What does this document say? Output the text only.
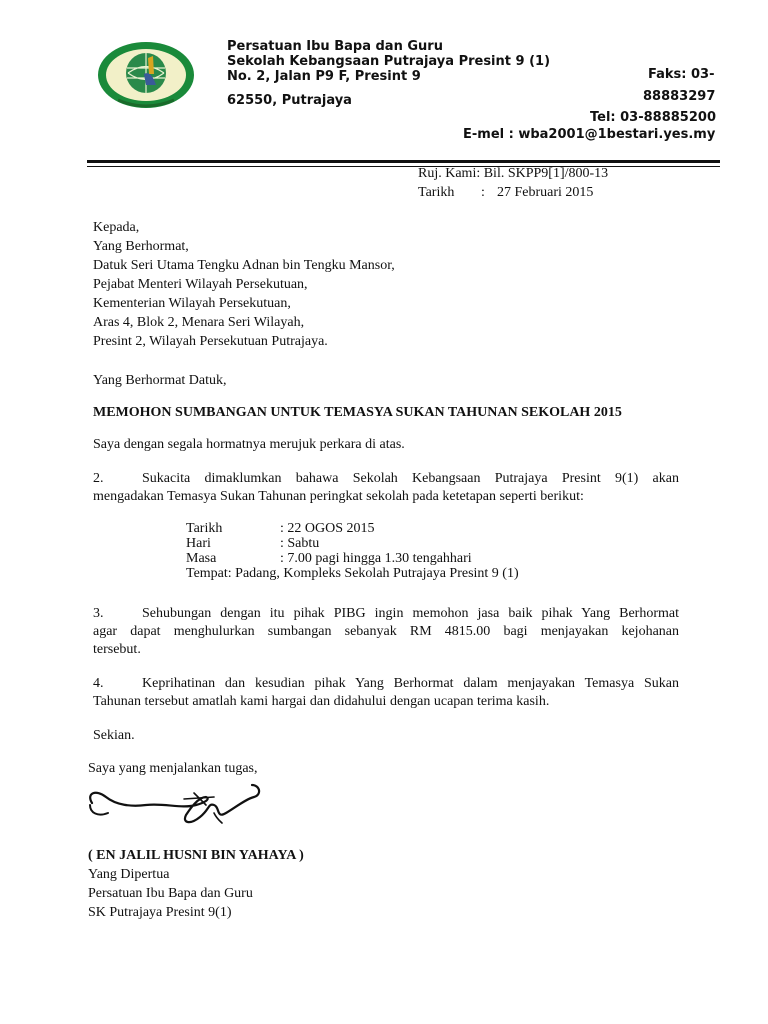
Persatuan Ibu Bapa dan Guru
Sekolah Kebangsaan Putrajaya Presint 9 (1)
No. 2, Jalan P9 F, Presint 9
62550, Putrajaya
Faks: 03-
88883297
Tel: 03-88885200
E-mel : wba2001@1bestari.yes.my
Ruj. Kami: Bil. SKPP9[1]/800-13
Tarikh : 27 Februari 2015
Kepada,
Yang Berhormat,
Datuk Seri Utama Tengku Adnan bin Tengku Mansor,
Pejabat Menteri Wilayah Persekutuan,
Kementerian Wilayah Persekutuan,
Aras 4, Blok 2, Menara Seri Wilayah,
Presint 2, Wilayah Persekutuan Putrajaya.
Yang Berhormat Datuk,
MEMOHON SUMBANGAN UNTUK TEMASYA SUKAN TAHUNAN SEKOLAH 2015
Saya dengan segala hormatnya merujuk perkara di atas.
2.	Sukacita dimaklumkan bahawa Sekolah Kebangsaan Putrajaya Presint 9(1) akan
mengadakan Temasya Sukan Tahunan peringkat sekolah pada ketetapan seperti berikut:
Tarikh	: 22 OGOS 2015
Hari	: Sabtu
Masa	: 7.00 pagi hingga 1.30 tengahhari
Tempat: Padang, Kompleks Sekolah Putrajaya Presint 9 (1)
3.	Sehubungan dengan itu pihak PIBG ingin memohon jasa baik pihak Yang Berhormat
agar dapat menghulurkan sumbangan sebanyak RM 4815.00 bagi menjayakan kejohanan
tersebut.
4.	Keprihatinan dan kesudian pihak Yang Berhormat dalam menjayakan Temasya Sukan
Tahunan tersebut amatlah kami hargai dan didahului dengan ucapan terima kasih.
Sekian.
Saya yang menjalankan tugas,
( EN JALIL HUSNI BIN YAHAYA )
Yang Dipertua
Persatuan Ibu Bapa dan Guru
SK Putrajaya Presint 9(1)
